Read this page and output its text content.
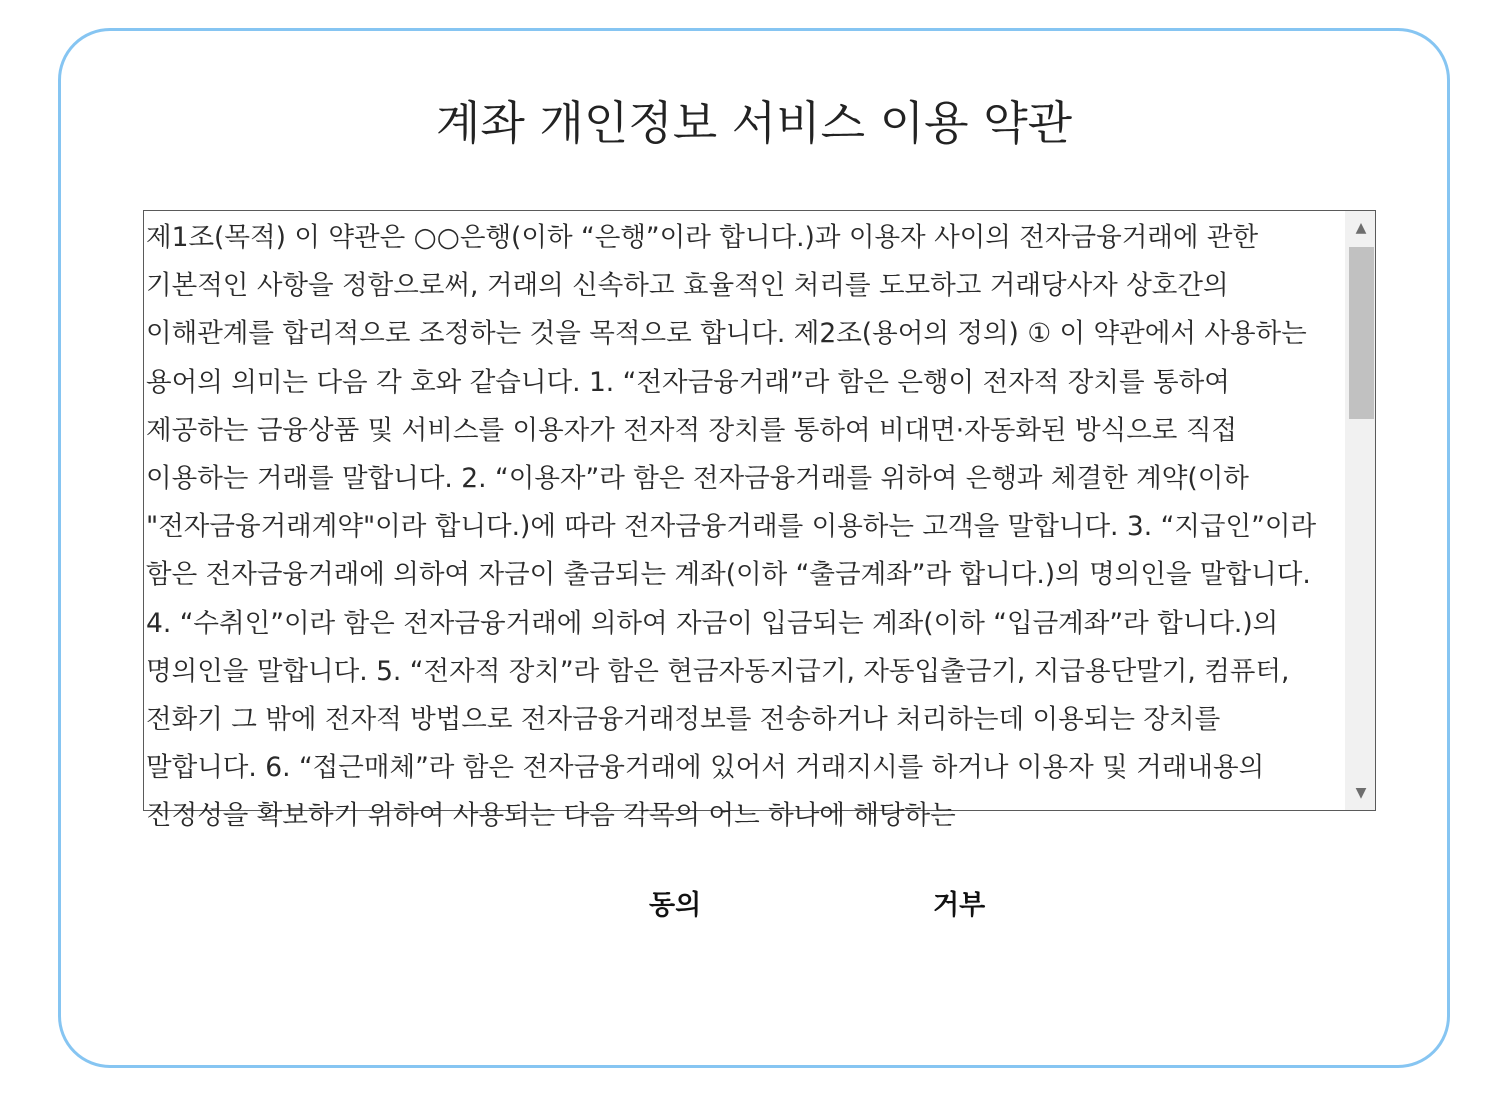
계좌 개인정보 서비스 이용 약관

제1조(목적) 이 약관은 ○○은행(이하 “은행”이라 합니다.)과 이용자 사이의 전자금융거래에 관한 기본적인 사항을 정함으로써, 거래의 신속하고 효율적인 처리를 도모하고 거래당사자 상호간의 이해관계를 합리적으로 조정하는 것을 목적으로 합니다. 제2조(용어의 정의) ① 이 약관에서 사용하는 용어의 의미는 다음 각 호와 같습니다. 1. “전자금융거래”라 함은 은행이 전자적 장치를 통하여 제공하는 금융상품 및 서비스를 이용자가 전자적 장치를 통하여 비대면·자동화된 방식으로 직접 이용하는 거래를 말합니다. 2. “이용자”라 함은 전자금융거래를 위하여 은행과 체결한 계약(이하 "전자금융거래계약"이라 합니다.)에 따라 전자금융거래를 이용하는 고객을 말합니다. 3. “지급인”이라 함은 전자금융거래에 의하여 자금이 출금되는 계좌(이하 “출금계좌”라 합니다.)의 명의인을 말합니다. 4. “수취인”이라 함은 전자금융거래에 의하여 자금이 입금되는 계좌(이하 “입금계좌”라 합니다.)의 명의인을 말합니다. 5. “전자적 장치”라 함은 현금자동지급기, 자동입출금기, 지급용단말기, 컴퓨터, 전화기 그 밖에 전자적 방법으로 전자금융거래정보를 전송하거나 처리하는데 이용되는 장치를 말합니다. 6. “접근매체”라 함은 전자금융거래에 있어서 거래지시를 하거나 이용자 및 거래내용의 진정성을 확보하기 위하여 사용되는 다음 각목의 어느 하나에 해당하는

▲
▼
동의	거부
